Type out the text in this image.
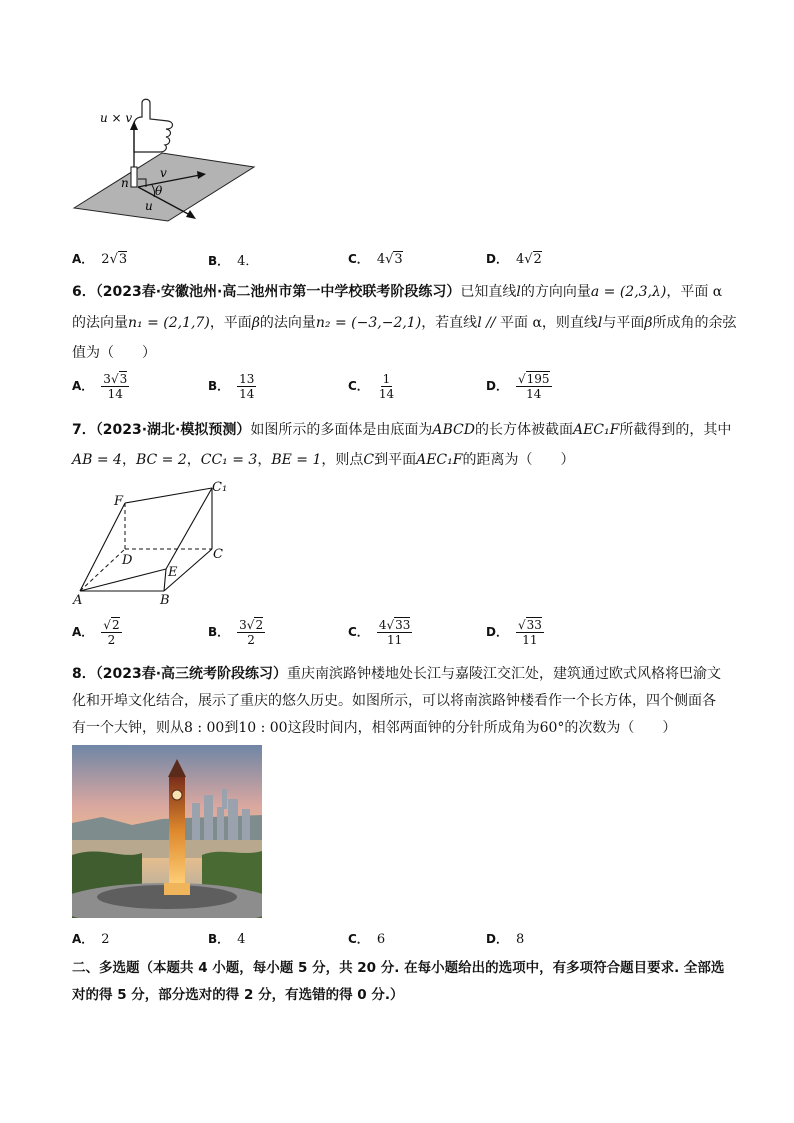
u × v
n
v
u
θ
A． 2√3	B． 4．	C． 4√3	D． 4√2
6．（2023春·安徽池州·高二池州市第一中学校联考阶段练习）已知直线l的方向向量a = (2,3,λ)，平面 α
的法向量n₁ = (2,1,7)，平面β的法向量n₂ = (−3,−2,1)，若直线l // 平面 α，则直线l与平面β所成角的余弦
值为（　　）
A． $\frac{3√3}{14}$	B． $\frac{13}{14}$	C． $\frac{1}{14}$	D． $\frac{√195}{14}$
7．（2023·湖北·模拟预测）如图所示的多面体是由底面为ABCD的长方体被截面AEC₁F所截得到的，其中
AB = 4，BC = 2，CC₁ = 3，BE = 1，则点C到平面AEC₁F的距离为（　　）
F
C₁
D	C
E
A	B
A． $\frac{√2}{2}$	B． $\frac{3√2}{2}$	C． $\frac{4√33}{11}$	D． $\frac{√33}{11}$
8．（2023春·高三统考阶段练习）重庆南滨路钟楼地处长江与嘉陵江交汇处，建筑通过欧式风格将巴渝文
化和开埠文化结合，展示了重庆的悠久历史。如图所示，可以将南滨路钟楼看作一个长方体，四个侧面各
有一个大钟，则从8 : 00到10 : 00这段时间内，相邻两面钟的分针所成角为60°的次数为（　　）
A． 2	B． 4	C． 6	D． 8
二、多选题（本题共 4 小题，每小题 5 分，共 20 分. 在每小题给出的选项中，有多项符合题目要求. 全部选
对的得 5 分，部分选对的得 2 分，有选错的得 0 分.）
